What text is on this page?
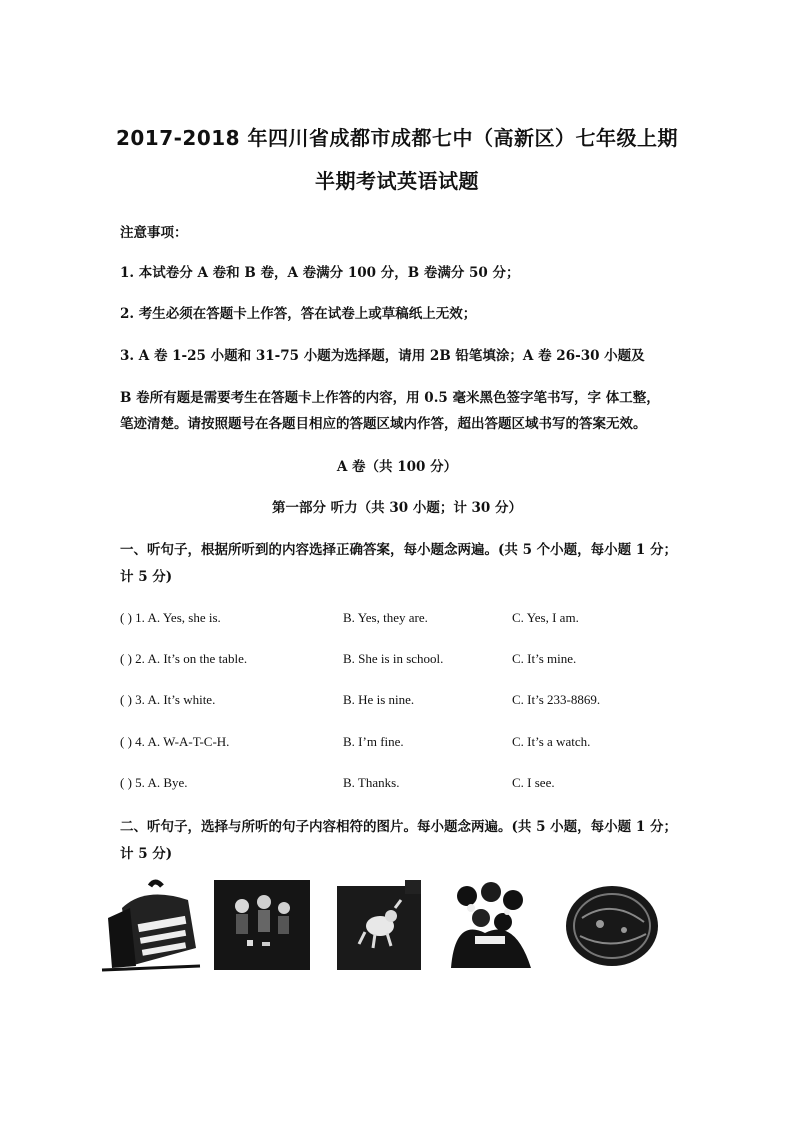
2017-2018 年四川省成都市成都七中（高新区）七年级上期
半期考试英语试题
注意事项：
1. 本试卷分 A 卷和 B 卷，A 卷满分 100 分，B 卷满分 50 分；
2. 考生必须在答题卡上作答，答在试卷上或草稿纸上无效；
3. A 卷 1-25 小题和 31-75 小题为选择题，请用 2B 铅笔填涂；A 卷 26-30 小题及
B 卷所有题是需要考生在答题卡上作答的内容，用 0.5 毫米黑色签字笔书写，字 体工整，
笔迹清楚。请按照题号在各题目相应的答题区域内作答，超出答题区域书写的答案无效。
A 卷（共 100 分）
第一部分 听力（共 30 小题；计 30 分）
一、听句子，根据所听到的内容选择正确答案，每小题念两遍。(共 5 个小题，每小题 1 分；
计 5 分)
( ) 1. A. Yes, she is.	B. Yes, they are.	C. Yes, I am.
( ) 2. A. It’s on the table.	B. She is in school.	C. It’s mine.
( ) 3. A. It’s white.	B. He is nine.	C. It’s 233-8869.
( ) 4. A. W-A-T-C-H.	B. I’m fine.	C. It’s a watch.
( ) 5. A. Bye.	B. Thanks.	C. I see.
二、听句子，选择与所听的句子内容相符的图片。每小题念两遍。(共 5 小题，每小题 1 分；
计 5 分)
